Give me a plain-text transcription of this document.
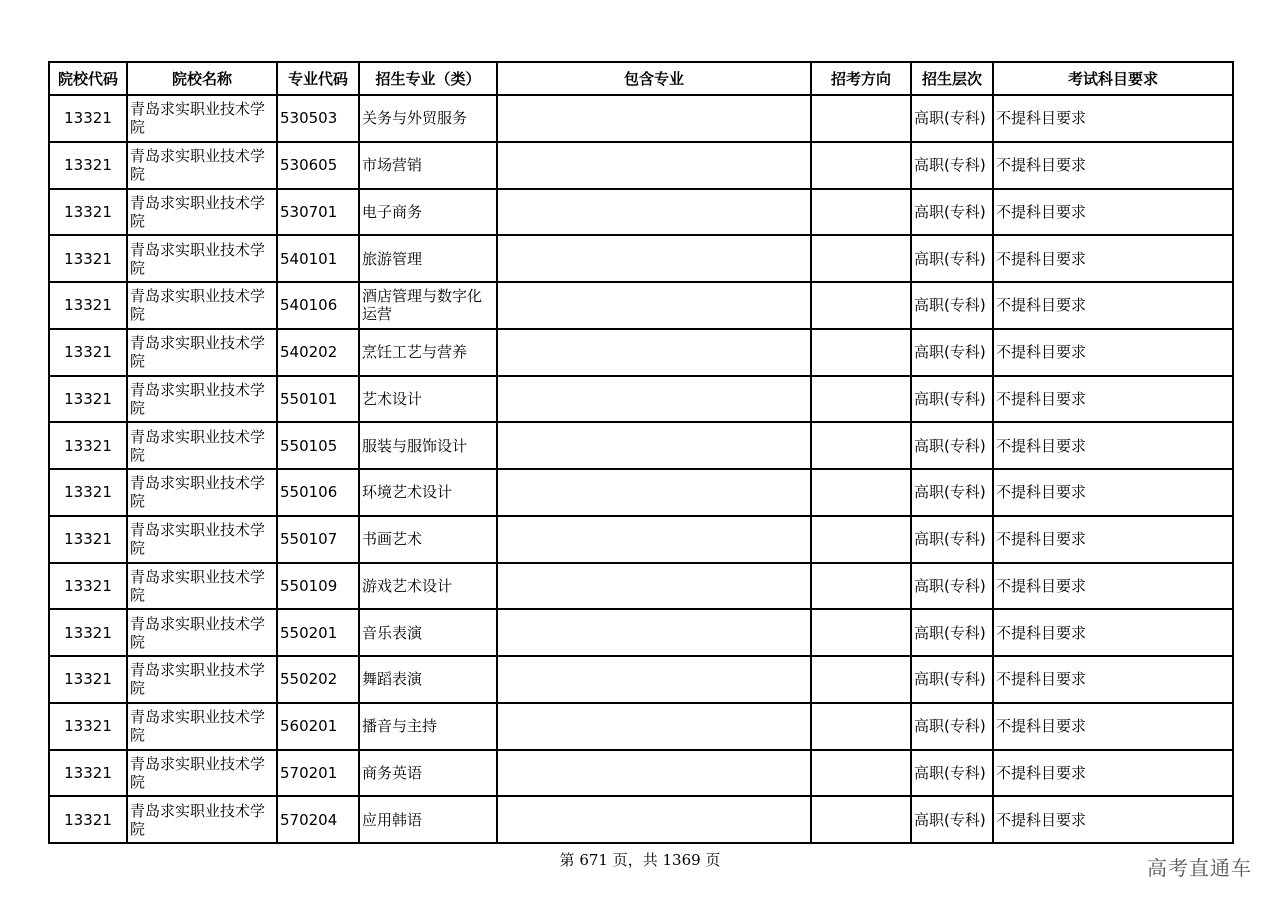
院校代码	院校名称	专业代码	招生专业（类）	包含专业	招考方向	招生层次	考试科目要求
13321	青岛求实职业技术学院	530503	关务与外贸服务			高职(专科)	不提科目要求
13321	青岛求实职业技术学院	530605	市场营销			高职(专科)	不提科目要求
13321	青岛求实职业技术学院	530701	电子商务			高职(专科)	不提科目要求
13321	青岛求实职业技术学院	540101	旅游管理			高职(专科)	不提科目要求
13321	青岛求实职业技术学院	540106	酒店管理与数字化运营			高职(专科)	不提科目要求
13321	青岛求实职业技术学院	540202	烹饪工艺与营养			高职(专科)	不提科目要求
13321	青岛求实职业技术学院	550101	艺术设计			高职(专科)	不提科目要求
13321	青岛求实职业技术学院	550105	服装与服饰设计			高职(专科)	不提科目要求
13321	青岛求实职业技术学院	550106	环境艺术设计			高职(专科)	不提科目要求
13321	青岛求实职业技术学院	550107	书画艺术			高职(专科)	不提科目要求
13321	青岛求实职业技术学院	550109	游戏艺术设计			高职(专科)	不提科目要求
13321	青岛求实职业技术学院	550201	音乐表演			高职(专科)	不提科目要求
13321	青岛求实职业技术学院	550202	舞蹈表演			高职(专科)	不提科目要求
13321	青岛求实职业技术学院	560201	播音与主持			高职(专科)	不提科目要求
13321	青岛求实职业技术学院	570201	商务英语			高职(专科)	不提科目要求
13321	青岛求实职业技术学院	570204	应用韩语			高职(专科)	不提科目要求
第 671 页，共 1369 页	高考直通车
